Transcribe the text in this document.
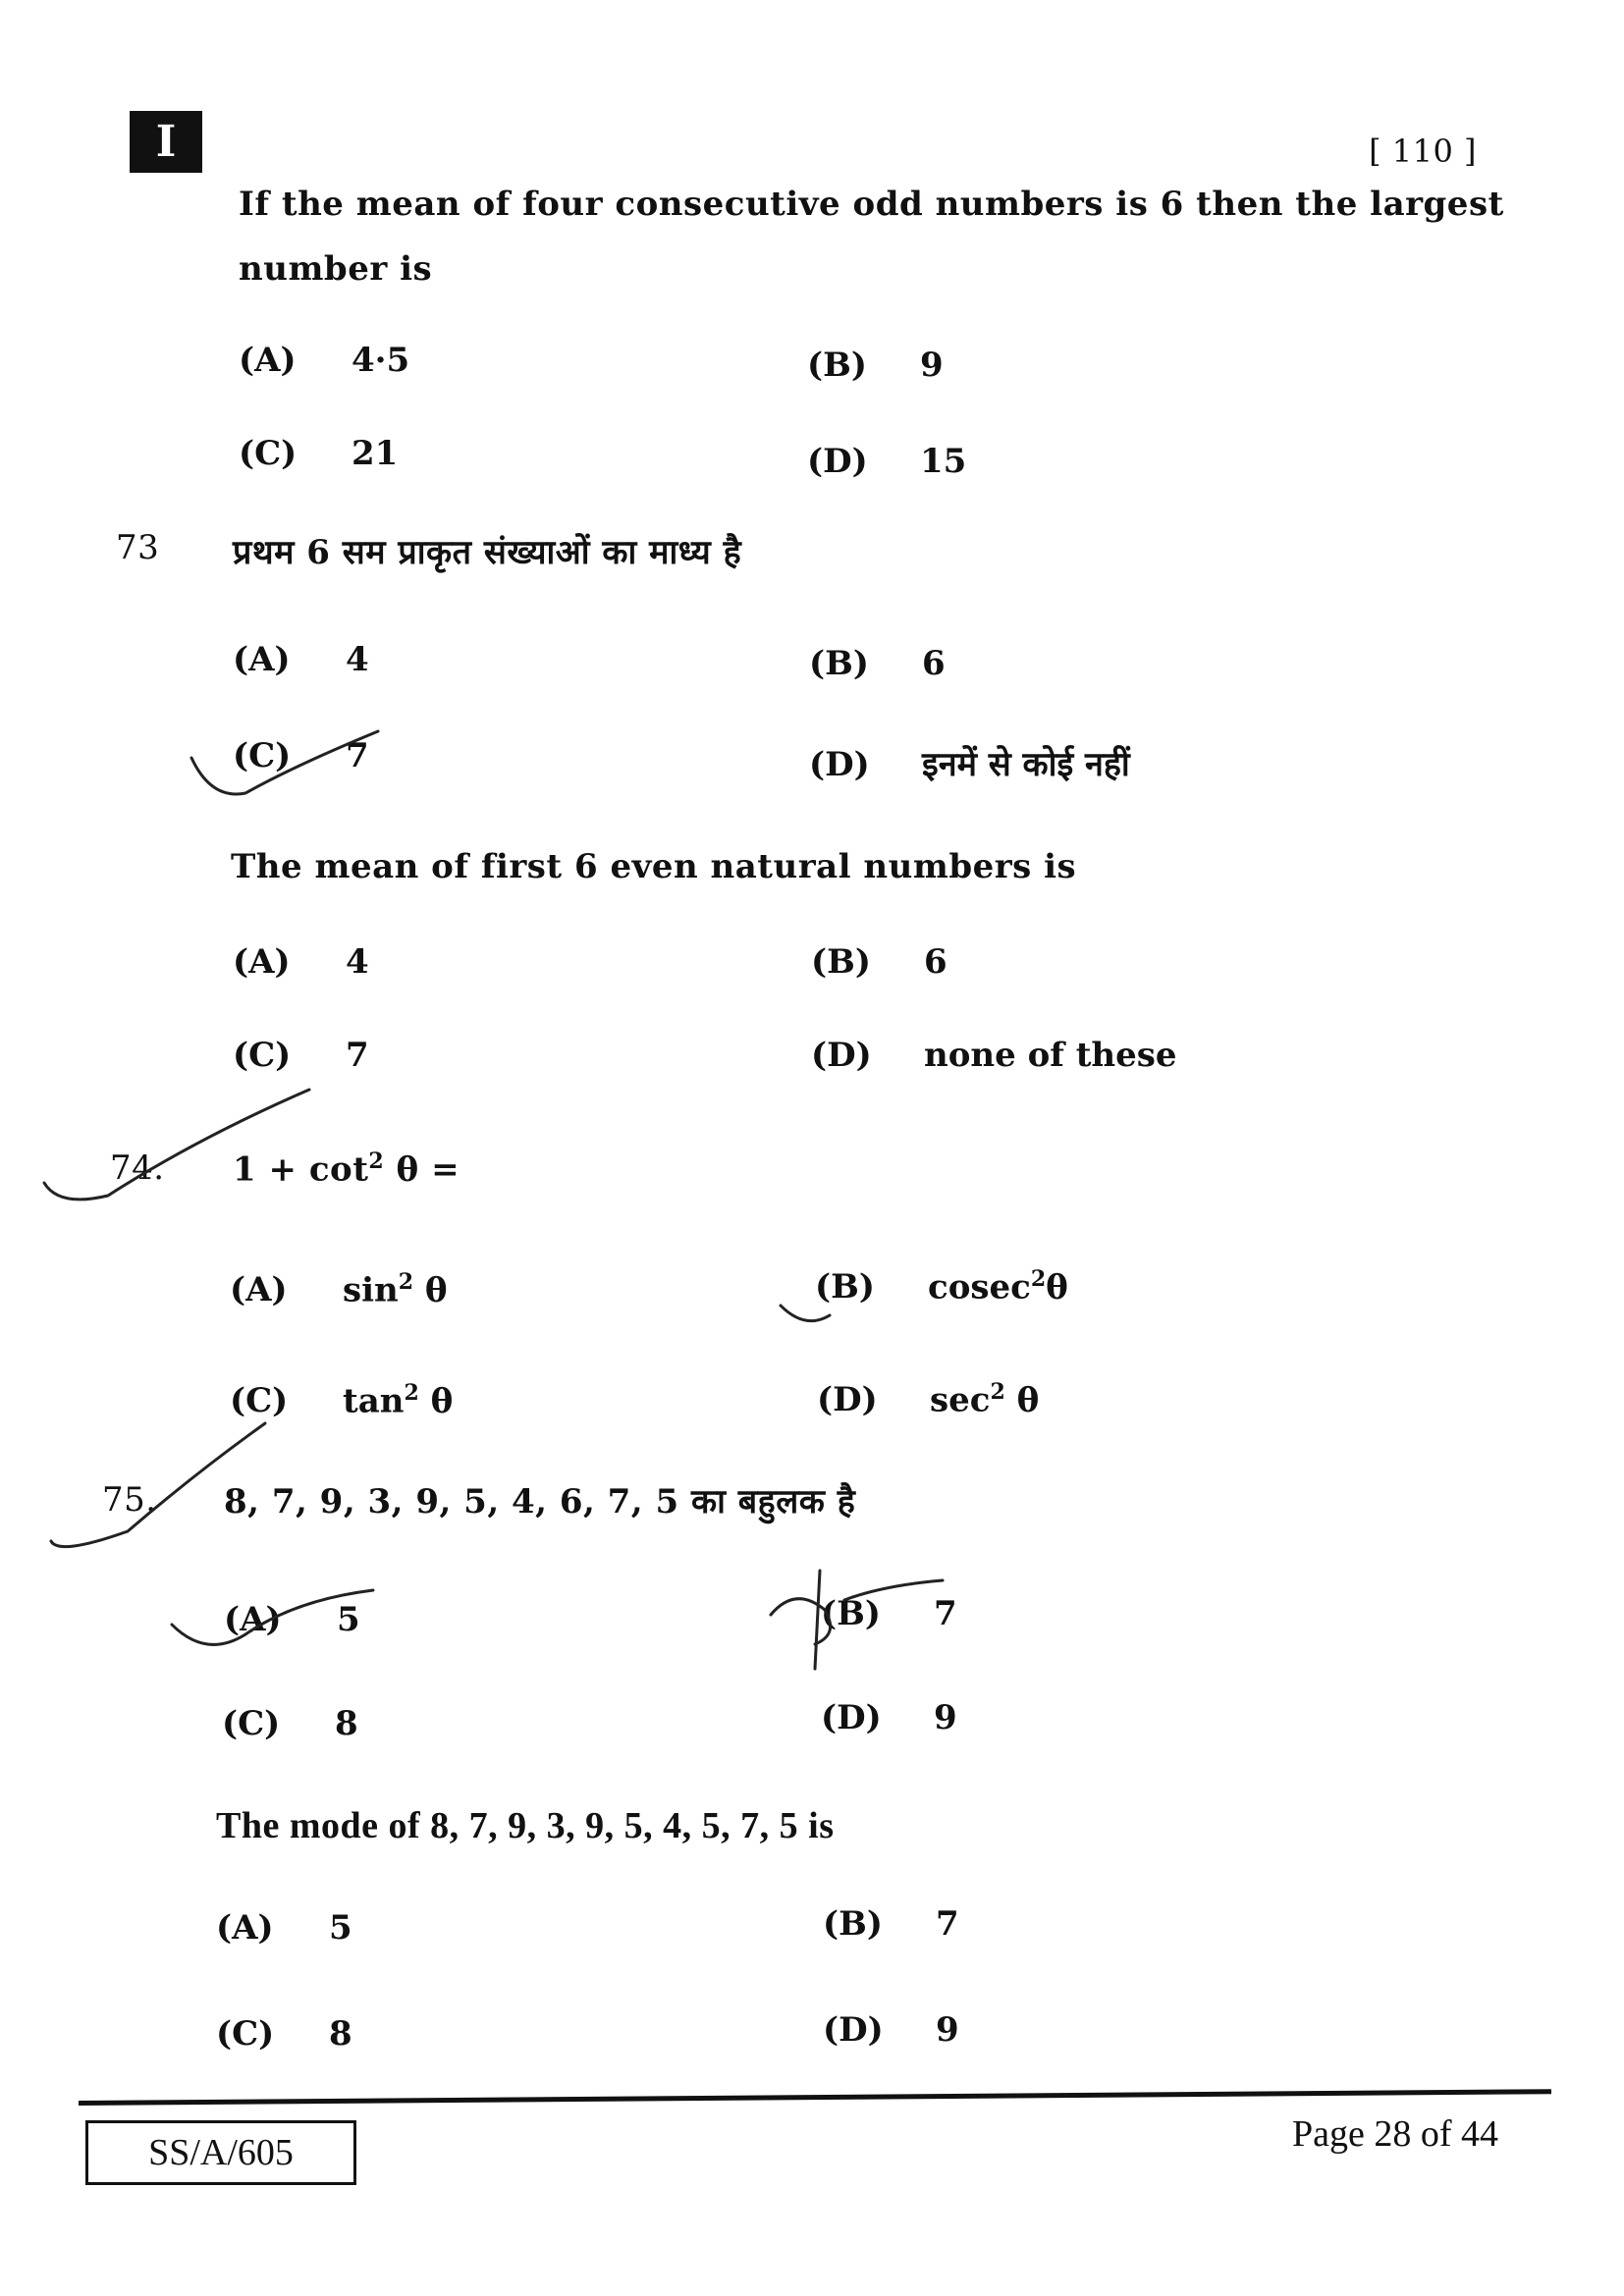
I	[ 110 ]
If the mean of four consecutive odd numbers is 6 then the largest
number is
(A) 4·5	(B) 9
(C) 21	(D) 15
73 प्रथम 6 सम प्राकृत संख्याओं का माध्य है
(A) 4	(B) 6
(C) 7	(D) इनमें से कोई नहीं
The mean of first 6 even natural numbers is
(A) 4	(B) 6
(C) 7	(D) none of these
74. $1 + \cot^2 \theta$ =
(A) $\sin^2 \theta$	(B) cosec$^2$θ
(C) $\tan^2 \theta$	(D) $\sec^2 \theta$
75. 8, 7, 9, 3, 9, 5, 4, 6, 7, 5 का बहुलक है
(A) 5	(B) 7
(C) 8	(D) 9
The mode of 8, 7, 9, 3, 9, 5, 4, 5, 7, 5 is
(A) 5	(B) 7
(C) 8	(D) 9
SS/A/605	Page 28 of 44
